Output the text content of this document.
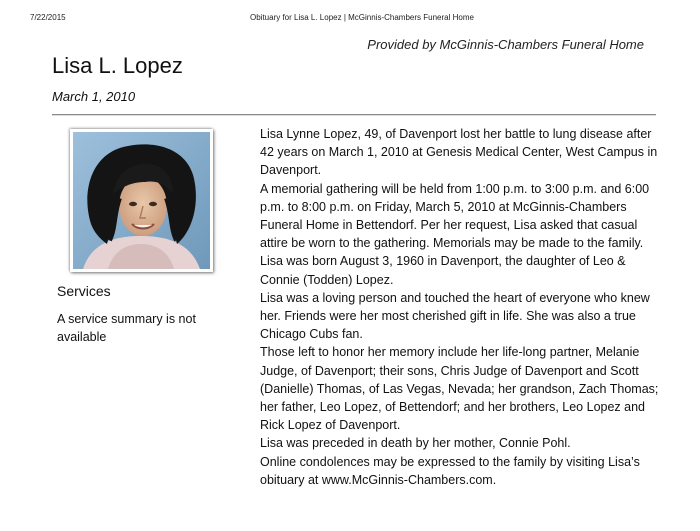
7/22/2015	Obituary for Lisa L. Lopez | McGinnis-Chambers Funeral Home
Provided by McGinnis-Chambers Funeral Home
Lisa L. Lopez
March 1, 2010
Services
A service summary is not available

Lisa Lynne Lopez, 49, of Davenport lost her battle to lung disease after 42 years on March 1, 2010 at Genesis Medical Center, West Campus in Davenport.

A memorial gathering will be held from 1:00 p.m. to 3:00 p.m. and 6:00 p.m. to 8:00 p.m. on Friday, March 5, 2010 at McGinnis-Chambers Funeral Home in Bettendorf. Per her request, Lisa asked that casual attire be worn to the gathering. Memorials may be made to the family.

Lisa was born August 3, 1960 in Davenport, the daughter of Leo & Connie (Todden) Lopez.

Lisa was a loving person and touched the heart of everyone who knew her. Friends were her most cherished gift in life. She was also a true Chicago Cubs fan.

Those left to honor her memory include her life-long partner, Melanie Judge, of Davenport; their sons, Chris Judge of Davenport and Scott (Danielle) Thomas, of Las Vegas, Nevada; her grandson, Zach Thomas; her father, Leo Lopez, of Bettendorf; and her brothers, Leo Lopez and Rick Lopez of Davenport.

Lisa was preceded in death by her mother, Connie Pohl.

Online condolences may be expressed to the family by visiting Lisa’s obituary at www.McGinnis-Chambers.com.
